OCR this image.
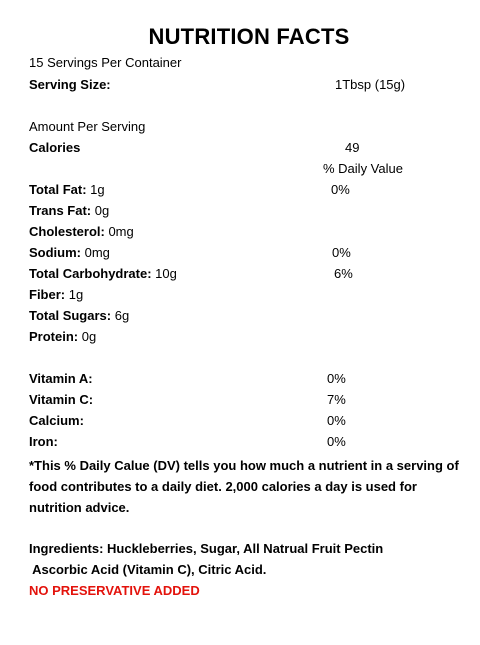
NUTRITION FACTS
15 Servings Per Container
Serving Size:	1Tbsp (15g)
Amount Per Serving
Calories	49
% Daily Value
Total Fat: 1g	0%
Trans Fat: 0g
Cholesterol: 0mg
Sodium: 0mg	0%
Total Carbohydrate: 10g	6%
Fiber: 1g
Total Sugars: 6g
Protein: 0g
Vitamin A:	0%
Vitamin C:	7%
Calcium:	0%
Iron:	0%
*This % Daily Calue (DV) tells you how much a nutrient in a serving of food contributes to a daily diet. 2,000 calories a day is used for nutrition advice.
Ingredients: Huckleberries, Sugar, All Natrual Fruit Pectin
Ascorbic Acid (Vitamin C), Citric Acid.
NO PRESERVATIVE ADDED
